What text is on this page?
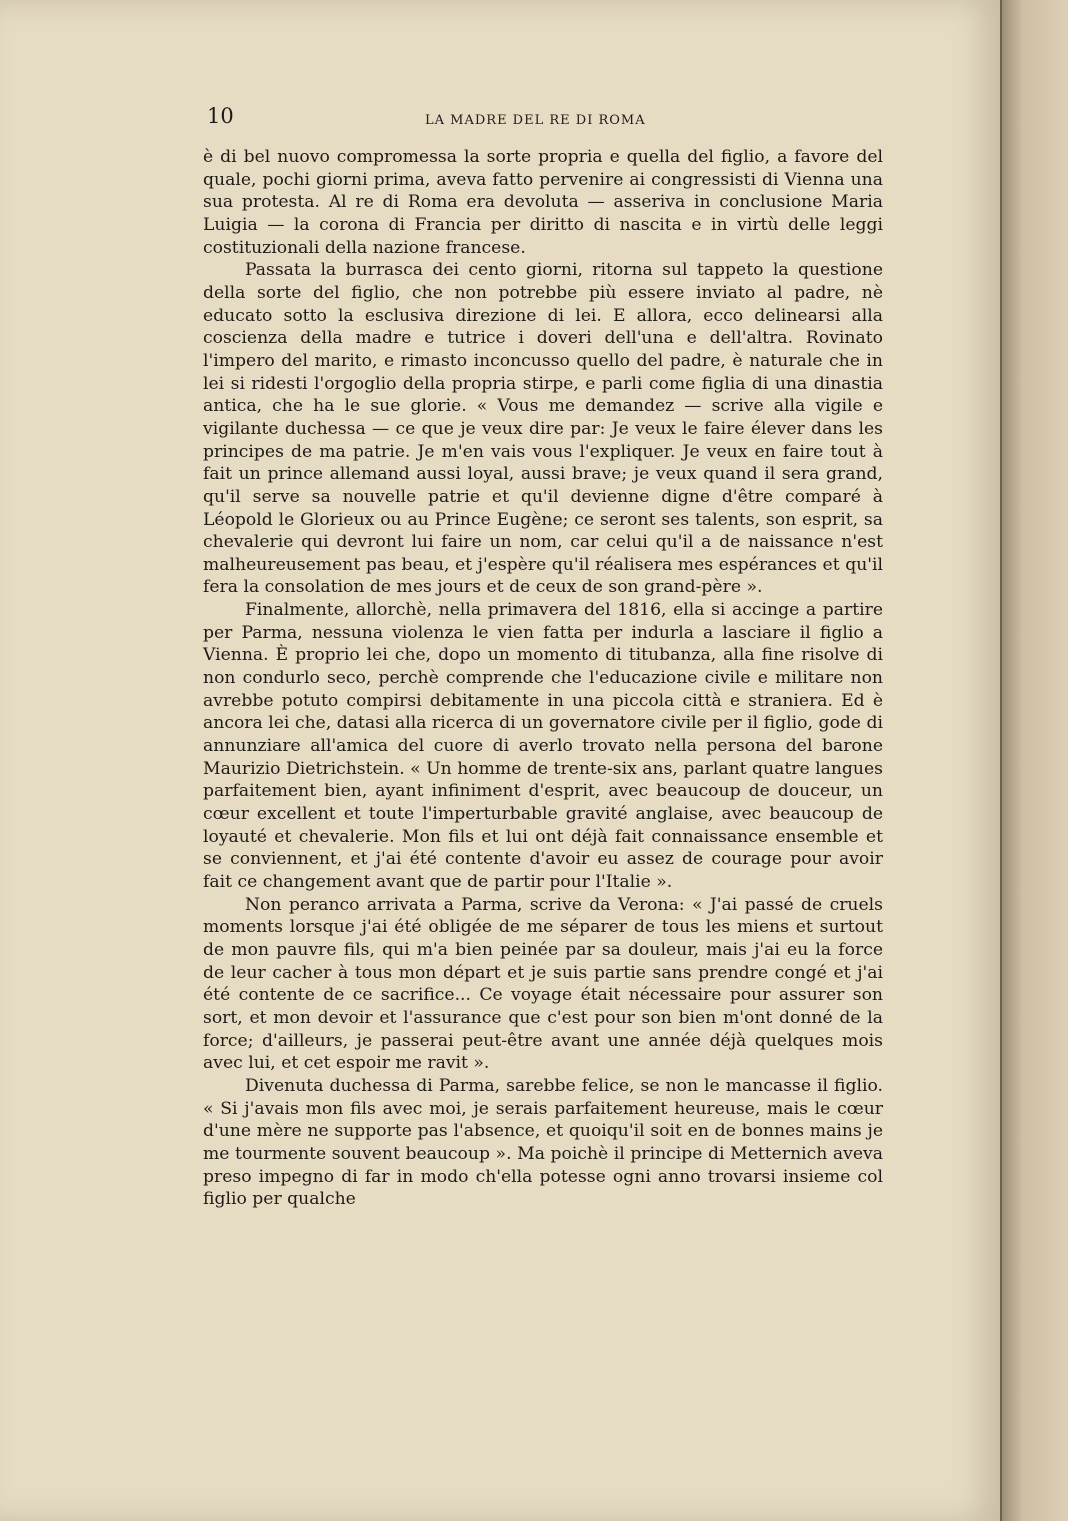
10	LA MADRE DEL RE DI ROMA

è di bel nuovo compromessa la sorte propria e quella del figlio, a favore del quale, pochi giorni prima, aveva fatto pervenire ai congressisti di Vienna una sua protesta. Al re di Roma era devoluta — asseriva in conclusione Maria Luigia — la corona di Francia per diritto di nascita e in virtù delle leggi costituzionali della nazione francese.

Passata la burrasca dei cento giorni, ritorna sul tappeto la questione della sorte del figlio, che non potrebbe più essere inviato al padre, nè educato sotto la esclusiva direzione di lei. E allora, ecco delinearsi alla coscienza della madre e tutrice i doveri dell'una e dell'altra. Rovinato l'impero del marito, e rimasto inconcusso quello del padre, è naturale che in lei si ridesti l'orgoglio della propria stirpe, e parli come figlia di una dinastia antica, che ha le sue glorie. « Vous me demandez — scrive alla vigile e vigilante duchessa — ce que je veux dire par: Je veux le faire élever dans les principes de ma patrie. Je m'en vais vous l'expliquer. Je veux en faire tout à fait un prince allemand aussi loyal, aussi brave; je veux quand il sera grand, qu'il serve sa nouvelle patrie et qu'il devienne digne d'être comparé à Léopold le Glorieux ou au Prince Eugène; ce seront ses talents, son esprit, sa chevalerie qui devront lui faire un nom, car celui qu'il a de naissance n'est malheureusement pas beau, et j'espère qu'il réalisera mes espérances et qu'il fera la consolation de mes jours et de ceux de son grand-père ».

Finalmente, allorchè, nella primavera del 1816, ella si accinge a partire per Parma, nessuna violenza le vien fatta per indurla a lasciare il figlio a Vienna. È proprio lei che, dopo un momento di titubanza, alla fine risolve di non condurlo seco, perchè comprende che l'educazione civile e militare non avrebbe potuto compirsi debitamente in una piccola città e straniera. Ed è ancora lei che, datasi alla ricerca di un governatore civile per il figlio, gode di annunziare all'amica del cuore di averlo trovato nella persona del barone Maurizio Dietrichstein. « Un homme de trente-six ans, parlant quatre langues parfaitement bien, ayant infiniment d'esprit, avec beaucoup de douceur, un cœur excellent et toute l'imperturbable gravité anglaise, avec beaucoup de loyauté et chevalerie. Mon fils et lui ont déjà fait connaissance ensemble et se conviennent, et j'ai été contente d'avoir eu assez de courage pour avoir fait ce changement avant que de partir pour l'Italie ».

Non peranco arrivata a Parma, scrive da Verona: « J'ai passé de cruels moments lorsque j'ai été obligée de me séparer de tous les miens et surtout de mon pauvre fils, qui m'a bien peinée par sa douleur, mais j'ai eu la force de leur cacher à tous mon départ et je suis partie sans prendre congé et j'ai été contente de ce sacrifice... Ce voyage était nécessaire pour assurer son sort, et mon devoir et l'assurance que c'est pour son bien m'ont donné de la force; d'ailleurs, je passerai peut-être avant une année déjà quelques mois avec lui, et cet espoir me ravit ».

Divenuta duchessa di Parma, sarebbe felice, se non le mancasse il figlio. « Si j'avais mon fils avec moi, je serais parfaitement heureuse, mais le cœur d'une mère ne supporte pas l'absence, et quoiqu'il soit en de bonnes mains je me tourmente souvent beaucoup ». Ma poichè il principe di Metternich aveva preso impegno di far in modo ch'ella potesse ogni anno trovarsi insieme col figlio per qualche
